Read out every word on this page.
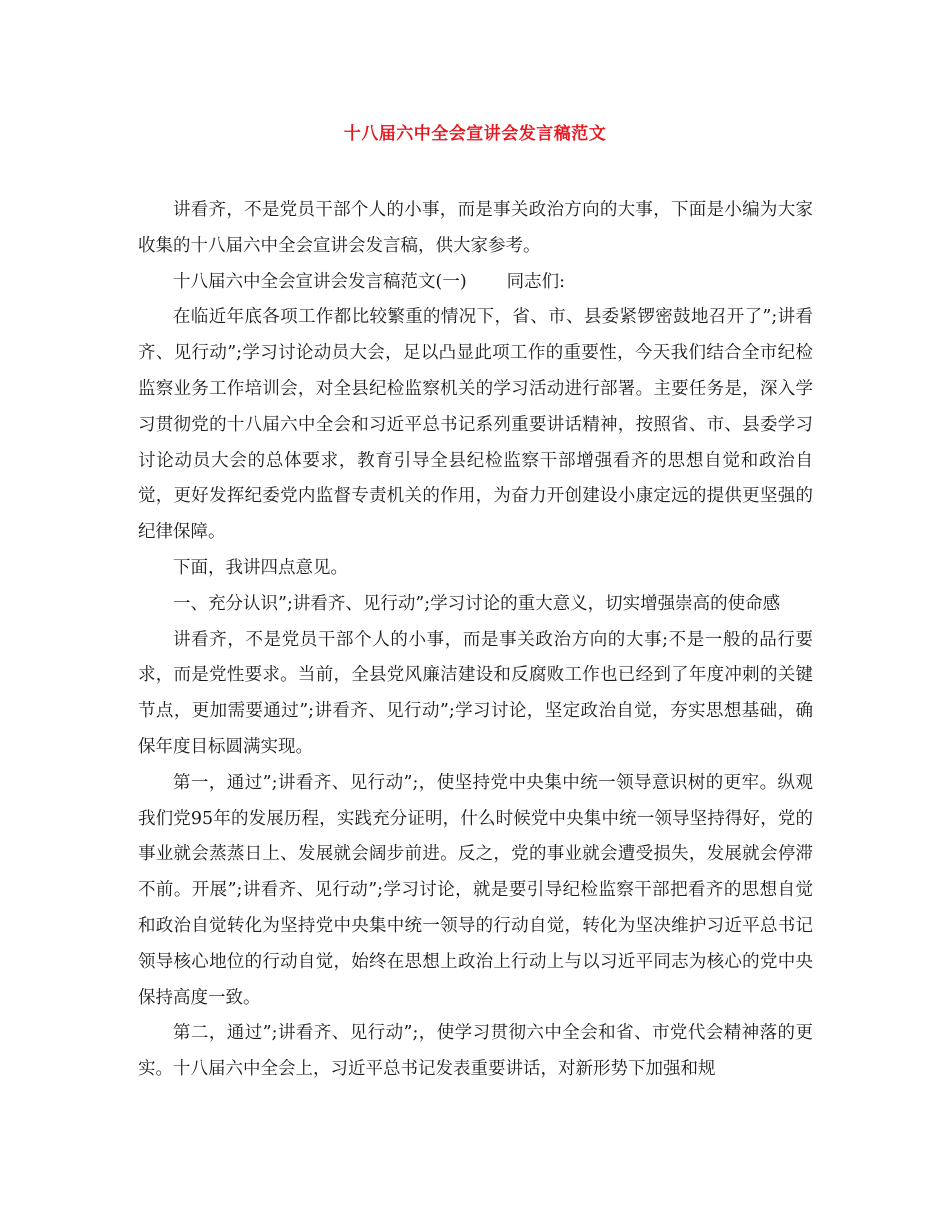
十八届六中全会宣讲会发言稿范文

讲看齐，不是党员干部个人的小事，而是事关政治方向的大事，下面是小编为大家收集的十八届六中全会宣讲会发言稿，供大家参考。

十八届六中全会宣讲会发言稿范文(一) 同志们:

在临近年底各项工作都比较繁重的情况下，省、市、县委紧锣密鼓地召开了”;讲看齐、见行动”;学习讨论动员大会，足以凸显此项工作的重要性，今天我们结合全市纪检监察业务工作培训会，对全县纪检监察机关的学习活动进行部署。主要任务是，深入学习贯彻党的十八届六中全会和习近平总书记系列重要讲话精神，按照省、市、县委学习讨论动员大会的总体要求，教育引导全县纪检监察干部增强看齐的思想自觉和政治自觉，更好发挥纪委党内监督专责机关的作用，为奋力开创建设小康定远的提供更坚强的纪律保障。

下面，我讲四点意见。

一、充分认识”;讲看齐、见行动”;学习讨论的重大意义，切实增强崇高的使命感

讲看齐，不是党员干部个人的小事，而是事关政治方向的大事;不是一般的品行要求，而是党性要求。当前，全县党风廉洁建设和反腐败工作也已经到了年度冲刺的关键节点，更加需要通过”;讲看齐、见行动”;学习讨论，坚定政治自觉，夯实思想基础，确保年度目标圆满实现。

第一，通过”;讲看齐、见行动”;，使坚持党中央集中统一领导意识树的更牢。纵观我们党95年的发展历程，实践充分证明，什么时候党中央集中统一领导坚持得好，党的事业就会蒸蒸日上、发展就会阔步前进。反之，党的事业就会遭受损失，发展就会停滞不前。开展”;讲看齐、见行动”;学习讨论，就是要引导纪检监察干部把看齐的思想自觉和政治自觉转化为坚持党中央集中统一领导的行动自觉，转化为坚决维护习近平总书记领导核心地位的行动自觉，始终在思想上政治上行动上与以习近平同志为核心的党中央保持高度一致。

第二，通过”;讲看齐、见行动”;，使学习贯彻六中全会和省、市党代会精神落的更实。十八届六中全会上，习近平总书记发表重要讲话，对新形势下加强和规
